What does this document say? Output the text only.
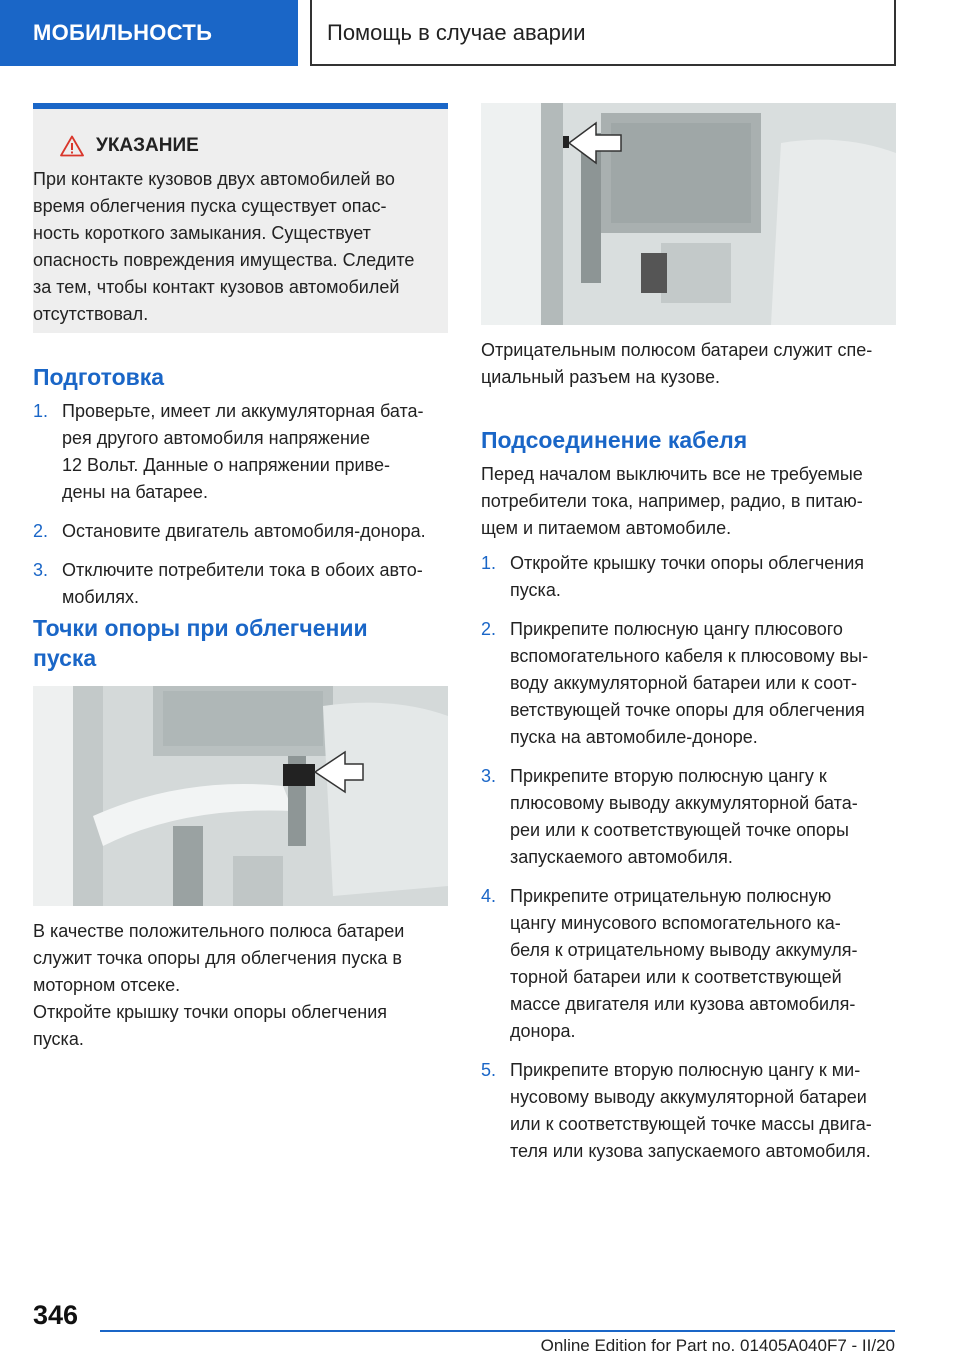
МОБИЛЬНОСТЬ	Помощь в случае аварии
УКАЗАНИЕ
При контакте кузовов двух автомобилей во
время облегчения пуска существует опас-
ность короткого замыкания. Существует
опасность повреждения имущества. Следите
за тем, чтобы контакт кузовов автомобилей
отсутствовал.
Подготовка
1. Проверьте, имеет ли аккумуляторная бата-
рея другого автомобиля напряжение
12 Вольт. Данные о напряжении приве-
дены на батарее.
2. Остановите двигатель автомобиля-донора.
3. Отключите потребители тока в обоих авто-
мобилях.
Точки опоры при облегчении
пуска
В качестве положительного полюса батареи
служит точка опоры для облегчения пуска в
моторном отсеке.
Откройте крышку точки опоры облегчения
пуска.
Отрицательным полюсом батареи служит спе-
циальный разъем на кузове.
Подсоединение кабеля
Перед началом выключить все не требуемые
потребители тока, например, радио, в питаю-
щем и питаемом автомобиле.
1. Откройте крышку точки опоры облегчения
пуска.
2. Прикрепите полюсную цангу плюсового
вспомогательного кабеля к плюсовому вы-
воду аккумуляторной батареи или к соот-
ветствующей точке опоры для облегчения
пуска на автомобиле-доноре.
3. Прикрепите вторую полюсную цангу к
плюсовому выводу аккумуляторной бата-
реи или к соответствующей точке опоры
запускаемого автомобиля.
4. Прикрепите отрицательную полюсную
цангу минусового вспомогательного ка-
беля к отрицательному выводу аккумуля-
торной батареи или к соответствующей
массе двигателя или кузова автомобиля-
донора.
5. Прикрепите вторую полюсную цангу к ми-
нусовому выводу аккумуляторной батареи
или к соответствующей точке массы двига-
теля или кузова запускаемого автомобиля.
346
Online Edition for Part no. 01405A040F7 - II/20
